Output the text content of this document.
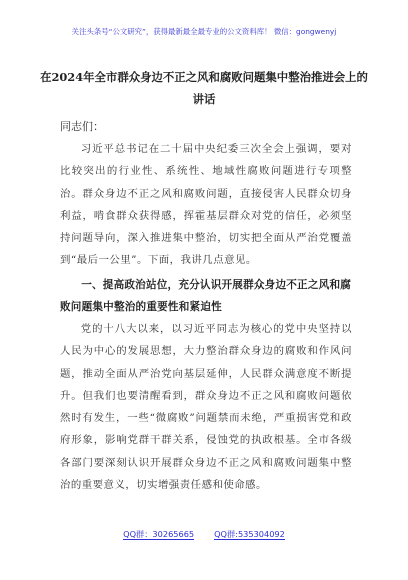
关注头条号“公文研究”，获得最新最全最专业的公文资料库！ 微信：gongwenyj
在2024年全市群众身边不正之风和腐败问题集中整治推进会上的讲话
同志们：
习近平总书记在二十届中央纪委三次全会上强调，要对比较突出的行业性、系统性、地域性腐败问题进行专项整治。群众身边不正之风和腐败问题，直接侵害人民群众切身利益，啃食群众获得感，挥霍基层群众对党的信任，必须坚持问题导向，深入推进集中整治，切实把全面从严治党覆盖到“最后一公里”。下面，我讲几点意见。
一、提高政治站位，充分认识开展群众身边不正之风和腐败问题集中整治的重要性和紧迫性
党的十八大以来，以习近平同志为核心的党中央坚持以人民为中心的发展思想，大力整治群众身边的腐败和作风问题，推动全面从严治党向基层延伸，人民群众满意度不断提升。但我们也要清醒看到，群众身边不正之风和腐败问题依然时有发生，一些“微腐败”问题禁而未绝，严重损害党和政府形象，影响党群干群关系，侵蚀党的执政根基。全市各级各部门要深刻认识开展群众身边不正之风和腐败问题集中整治的重要意义，切实增强责任感和使命感。
QQ群：30265665 QQ群:535304092
